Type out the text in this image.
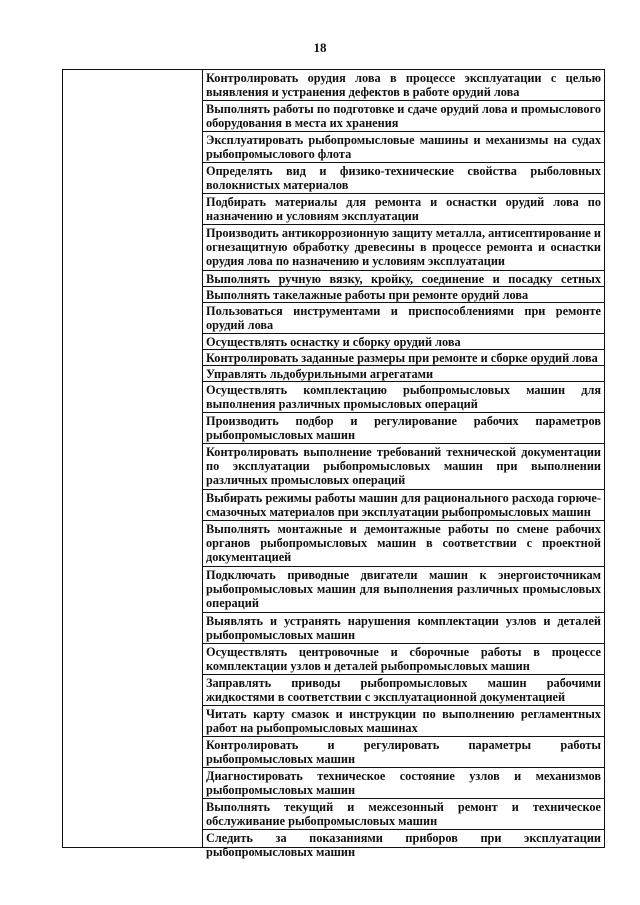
18
Контролировать орудия лова в процессе эксплуатации с целью выявления и устранения дефектов в работе орудий лова
Выполнять работы по подготовке и сдаче орудий лова и промыслового оборудования в места их хранения
Эксплуатировать рыбопромысловые машины и механизмы на судах рыбопромыслового флота
Определять вид и физико-технические свойства рыболовных волокнистых материалов
Подбирать материалы для ремонта и оснастки орудий лова по назначению и условиям эксплуатации
Производить антикоррозионную защиту металла, антисептирование и огнезащитную обработку древесины в процессе ремонта и оснастки орудия лова по назначению и условиям эксплуатации
Выполнять ручную вязку, кройку, соединение и посадку сетных
Выполнять такелажные работы при ремонте орудий лова
Пользоваться инструментами и приспособлениями при ремонте орудий лова
Осуществлять оснастку и сборку орудий лова
Контролировать заданные размеры при ремонте и сборке орудий лова
Управлять льдобурильными агрегатами
Осуществлять комплектацию рыбопромысловых машин для выполнения различных промысловых операций
Производить подбор и регулирование рабочих параметров рыбопромысловых машин
Контролировать выполнение требований технической документации по эксплуатации рыбопромысловых машин при выполнении различных промысловых операций
Выбирать режимы работы машин для рационального расхода горюче-смазочных материалов при эксплуатации рыбопромысловых машин
Выполнять монтажные и демонтажные работы по смене рабочих органов рыбопромысловых машин в соответствии с проектной документацией
Подключать приводные двигатели машин к энергоисточникам рыбопромысловых машин для выполнения различных промысловых операций
Выявлять и устранять нарушения комплектации узлов и деталей рыбопромысловых машин
Осуществлять центровочные и сборочные работы в процессе комплектации узлов и деталей рыбопромысловых машин
Заправлять приводы рыбопромысловых машин рабочими жидкостями в соответствии с эксплуатационной документацией
Читать карту смазок и инструкции по выполнению регламентных работ на рыбопромысловых машинах
Контролировать и регулировать параметры работы рыбопромысловых машин
Диагностировать техническое состояние узлов и механизмов рыбопромысловых машин
Выполнять текущий и межсезонный ремонт и техническое обслуживание рыбопромысловых машин
Следить за показаниями приборов при эксплуатации рыбопромысловых машин
